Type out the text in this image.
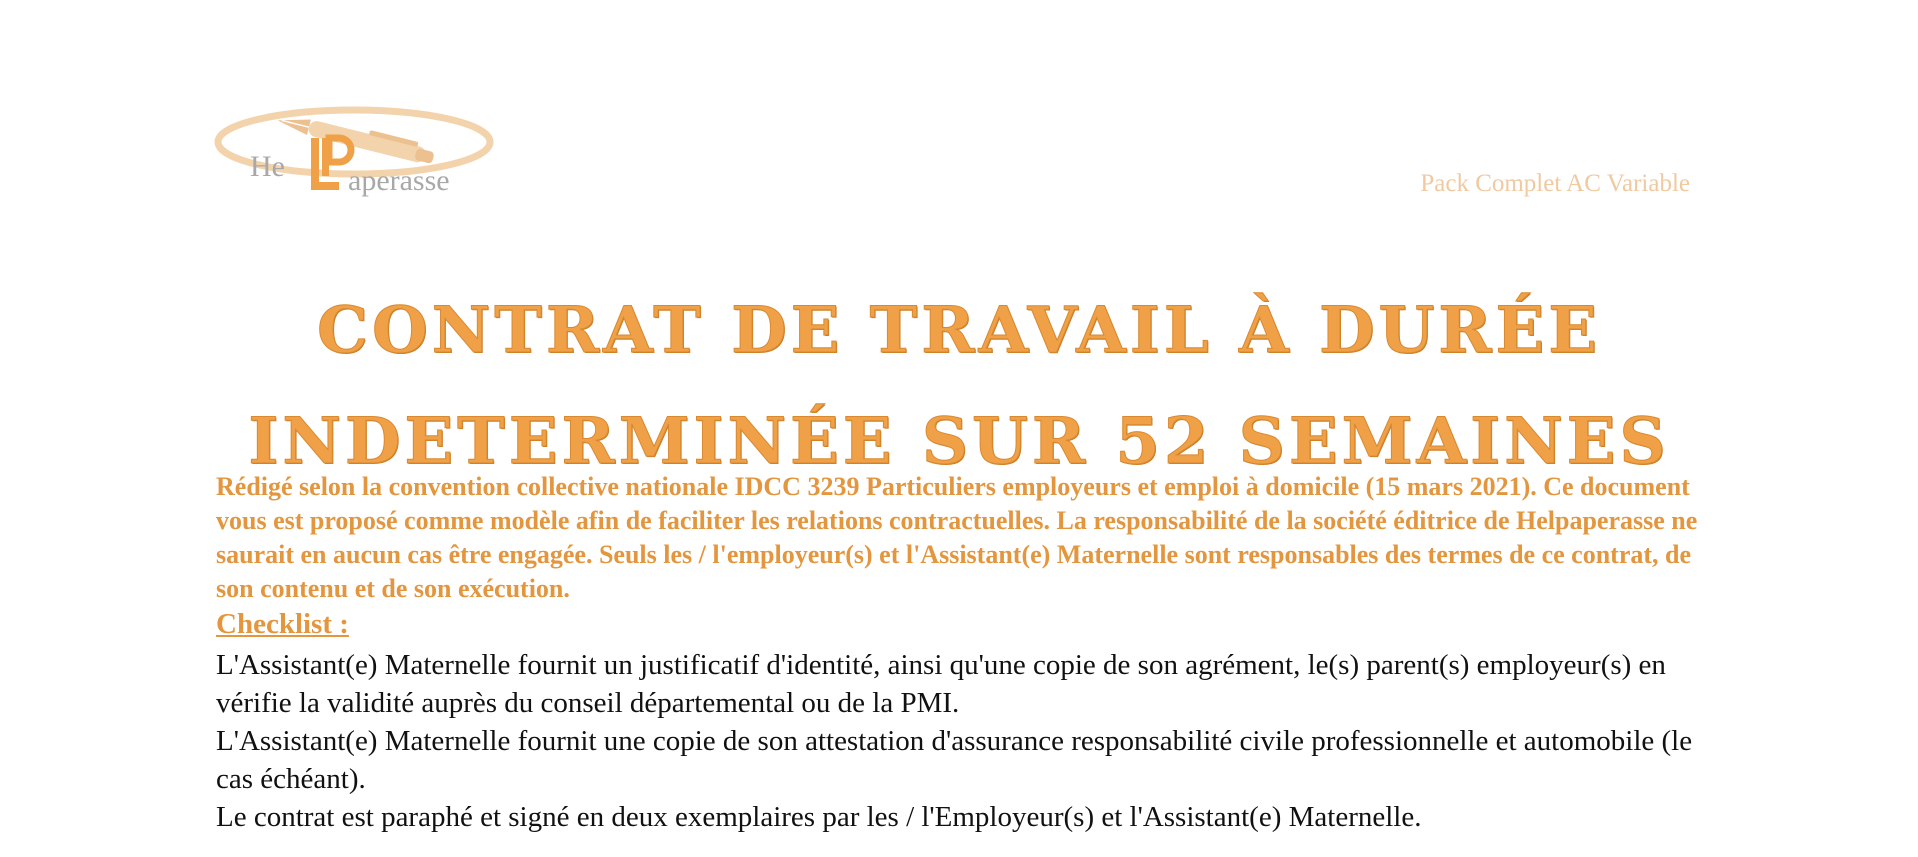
He aperasse	Pack Complet AC Variable
CONTRAT DE TRAVAIL À DURÉE
INDETERMINÉE SUR 52 SEMAINES

Rédigé selon la convention collective nationale IDCC 3239 Particuliers employeurs et emploi à domicile (15 mars 2021). Ce document vous est proposé comme modèle afin de faciliter les relations contractuelles. La responsabilité de la société éditrice de Helpaperasse ne saurait en aucun cas être engagée. Seuls les / l'employeur(s) et l'Assistant(e) Maternelle sont responsables des termes de ce contrat, de son contenu et de son exécution.

Checklist :
L'Assistant(e) Maternelle fournit un justificatif d'identité, ainsi qu'une copie de son agrément, le(s) parent(s) employeur(s) en vérifie la validité auprès du conseil départemental ou de la PMI.
L'Assistant(e) Maternelle fournit une copie de son attestation d'assurance responsabilité civile professionnelle et automobile (le cas échéant).
Le contrat est paraphé et signé en deux exemplaires par les / l'Employeur(s) et l'Assistant(e) Maternelle.
